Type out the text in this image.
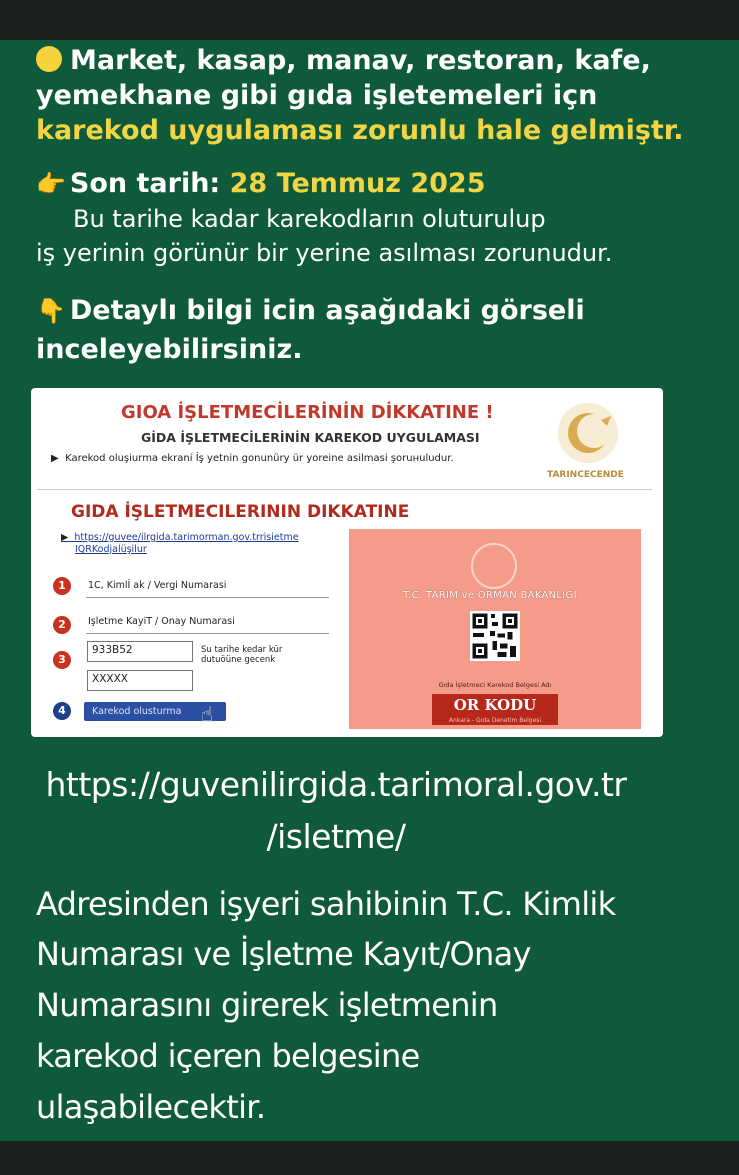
Market, kasap, manav, restoran, kafe,
yemekhane gibi gıda işletemeleri içn
karekod uygulaması zorunlu hale gelmiştr.
👉 Son tarih: 28 Temmuz 2025
Bu tarihe kadar karekodların oluturulup
iş yerinin görünür bir yerine asılması zorunudur.
👇 Detaylı bilgi icin aşağıdaki görseli
inceleyebilirsiniz.
GIOA İŞLETMECİLERİNİN DİKKATINE !
GİDA İŞLETMECİLERİNİN KAREKOD UYGULAMASI
▶  Karekod oluşiurma ekrani İş yetnin gonunüry ür yoreine asilmasi şoruнuludur.
TARINCECENDE
GIDA İŞLETMECILERININ DIKKATINE
▶ https://guvee/ilrgida.tarimorman.gov.trrisietme
IQRKodjalüşilur
1	1C, Kimlİ ak / Vergi Numarasi
2	Işletme KayiT / Onay Numarasi
3
933B52
XXXXX
Su tarihe kedar kür
dutuöüne gecenk
4	Karekod olusturma ☝
T.C. TARIM ve ORMAN BAKANLIGI
Gıda İşletmeci Karekod Belgesi Adı
OR KODU
Ankara - Gıda Denetim Belgesi
https://guvenilirgida.tarimoral.gov.tr
/isletme/
Adresinden işyeri sahibinin T.C. Kimlik
Numarası ve İşletme Kayıt/Onay
Numarasını girerek işletmenin
karekod içeren belgesine
ulaşabilecektir.
